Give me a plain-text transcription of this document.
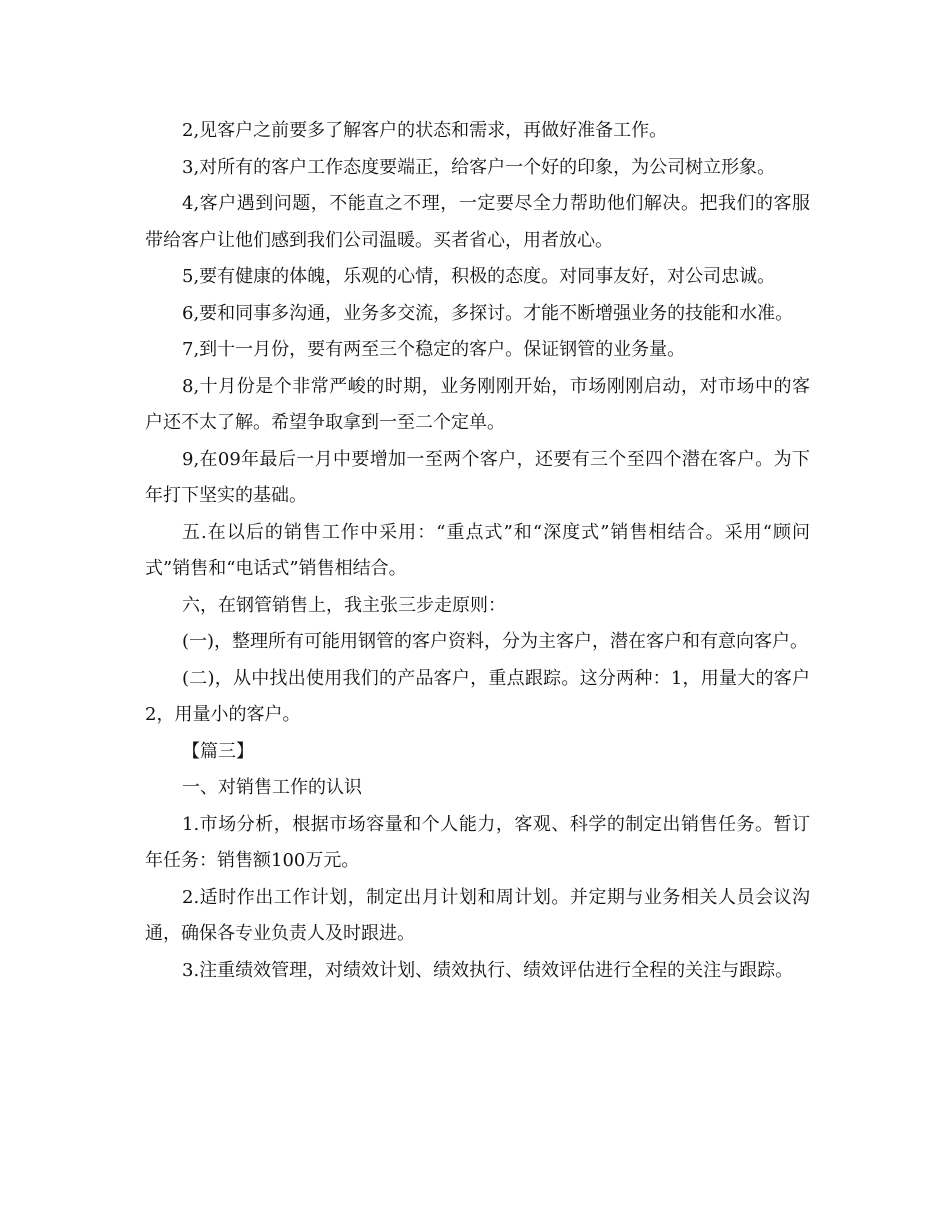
2,见客户之前要多了解客户的状态和需求，再做好准备工作。

3,对所有的客户工作态度要端正，给客户一个好的印象，为公司树立形象。

4,客户遇到问题，不能直之不理，一定要尽全力帮助他们解决。把我们的客服带给客户让他们感到我们公司温暖。买者省心，用者放心。

5,要有健康的体魄，乐观的心情，积极的态度。对同事友好，对公司忠诚。

6,要和同事多沟通，业务多交流，多探讨。才能不断增强业务的技能和水准。

7,到十一月份，要有两至三个稳定的客户。保证钢管的业务量。

8,十月份是个非常严峻的时期，业务刚刚开始，市场刚刚启动，对市场中的客户还不太了解。希望争取拿到一至二个定单。

9,在09年最后一月中要增加一至两个客户，还要有三个至四个潜在客户。为下年打下坚实的基础。

五.在以后的销售工作中采用：“重点式”和“深度式”销售相结合。采用“顾问式”销售和“电话式”销售相结合。

六，在钢管销售上，我主张三步走原则：

(一)，整理所有可能用钢管的客户资料，分为主客户，潜在客户和有意向客户。

(二)，从中找出使用我们的产品客户，重点跟踪。这分两种：1，用量大的客户2，用量小的客户。

【篇三】

一、对销售工作的认识

1.市场分析，根据市场容量和个人能力，客观、科学的制定出销售任务。暂订年任务：销售额100万元。

2.适时作出工作计划，制定出月计划和周计划。并定期与业务相关人员会议沟通，确保各专业负责人及时跟进。

3.注重绩效管理，对绩效计划、绩效执行、绩效评估进行全程的关注与跟踪。
